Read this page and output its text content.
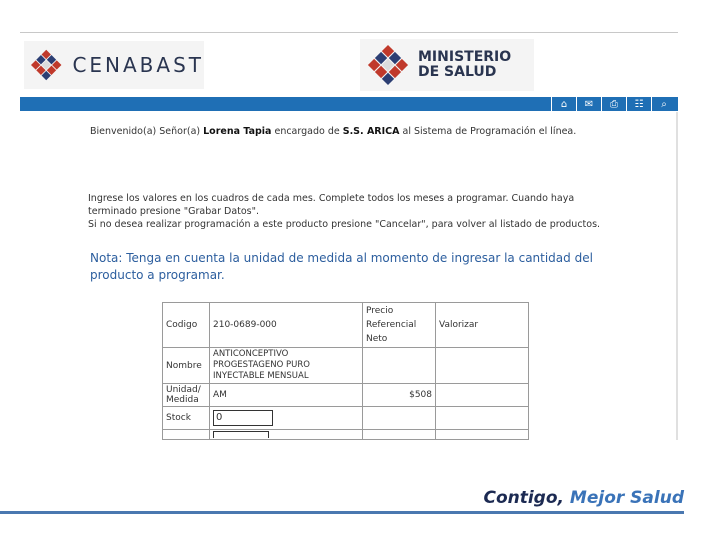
CENABAST	MINISTERIO
DE SALUD
⌂	✉	⎙	☷	⌕
Bienvenido(a) Señor(a) Lorena Tapia encargado de S.S. ARICA al Sistema de Programación el línea.
Ingrese los valores en los cuadros de cada mes. Complete todos los meses a programar. Cuando haya
terminado presione "Grabar Datos".
Si no desea realizar programación a este producto presione "Cancelar", para volver al listado de productos.
Nota: Tenga en cuenta la unidad de medida al momento de ingresar la cantidad del producto a programar.
Codigo	210-0689-000	Precio Referencial Neto	Valorizar
Nombre	ANTICONCEPTIVO PROGESTAGENO PURO INYECTABLE MENSUAL		
Unidad/ Medida	AM	$508	
Stock	0		

Contigo, Mejor Salud
